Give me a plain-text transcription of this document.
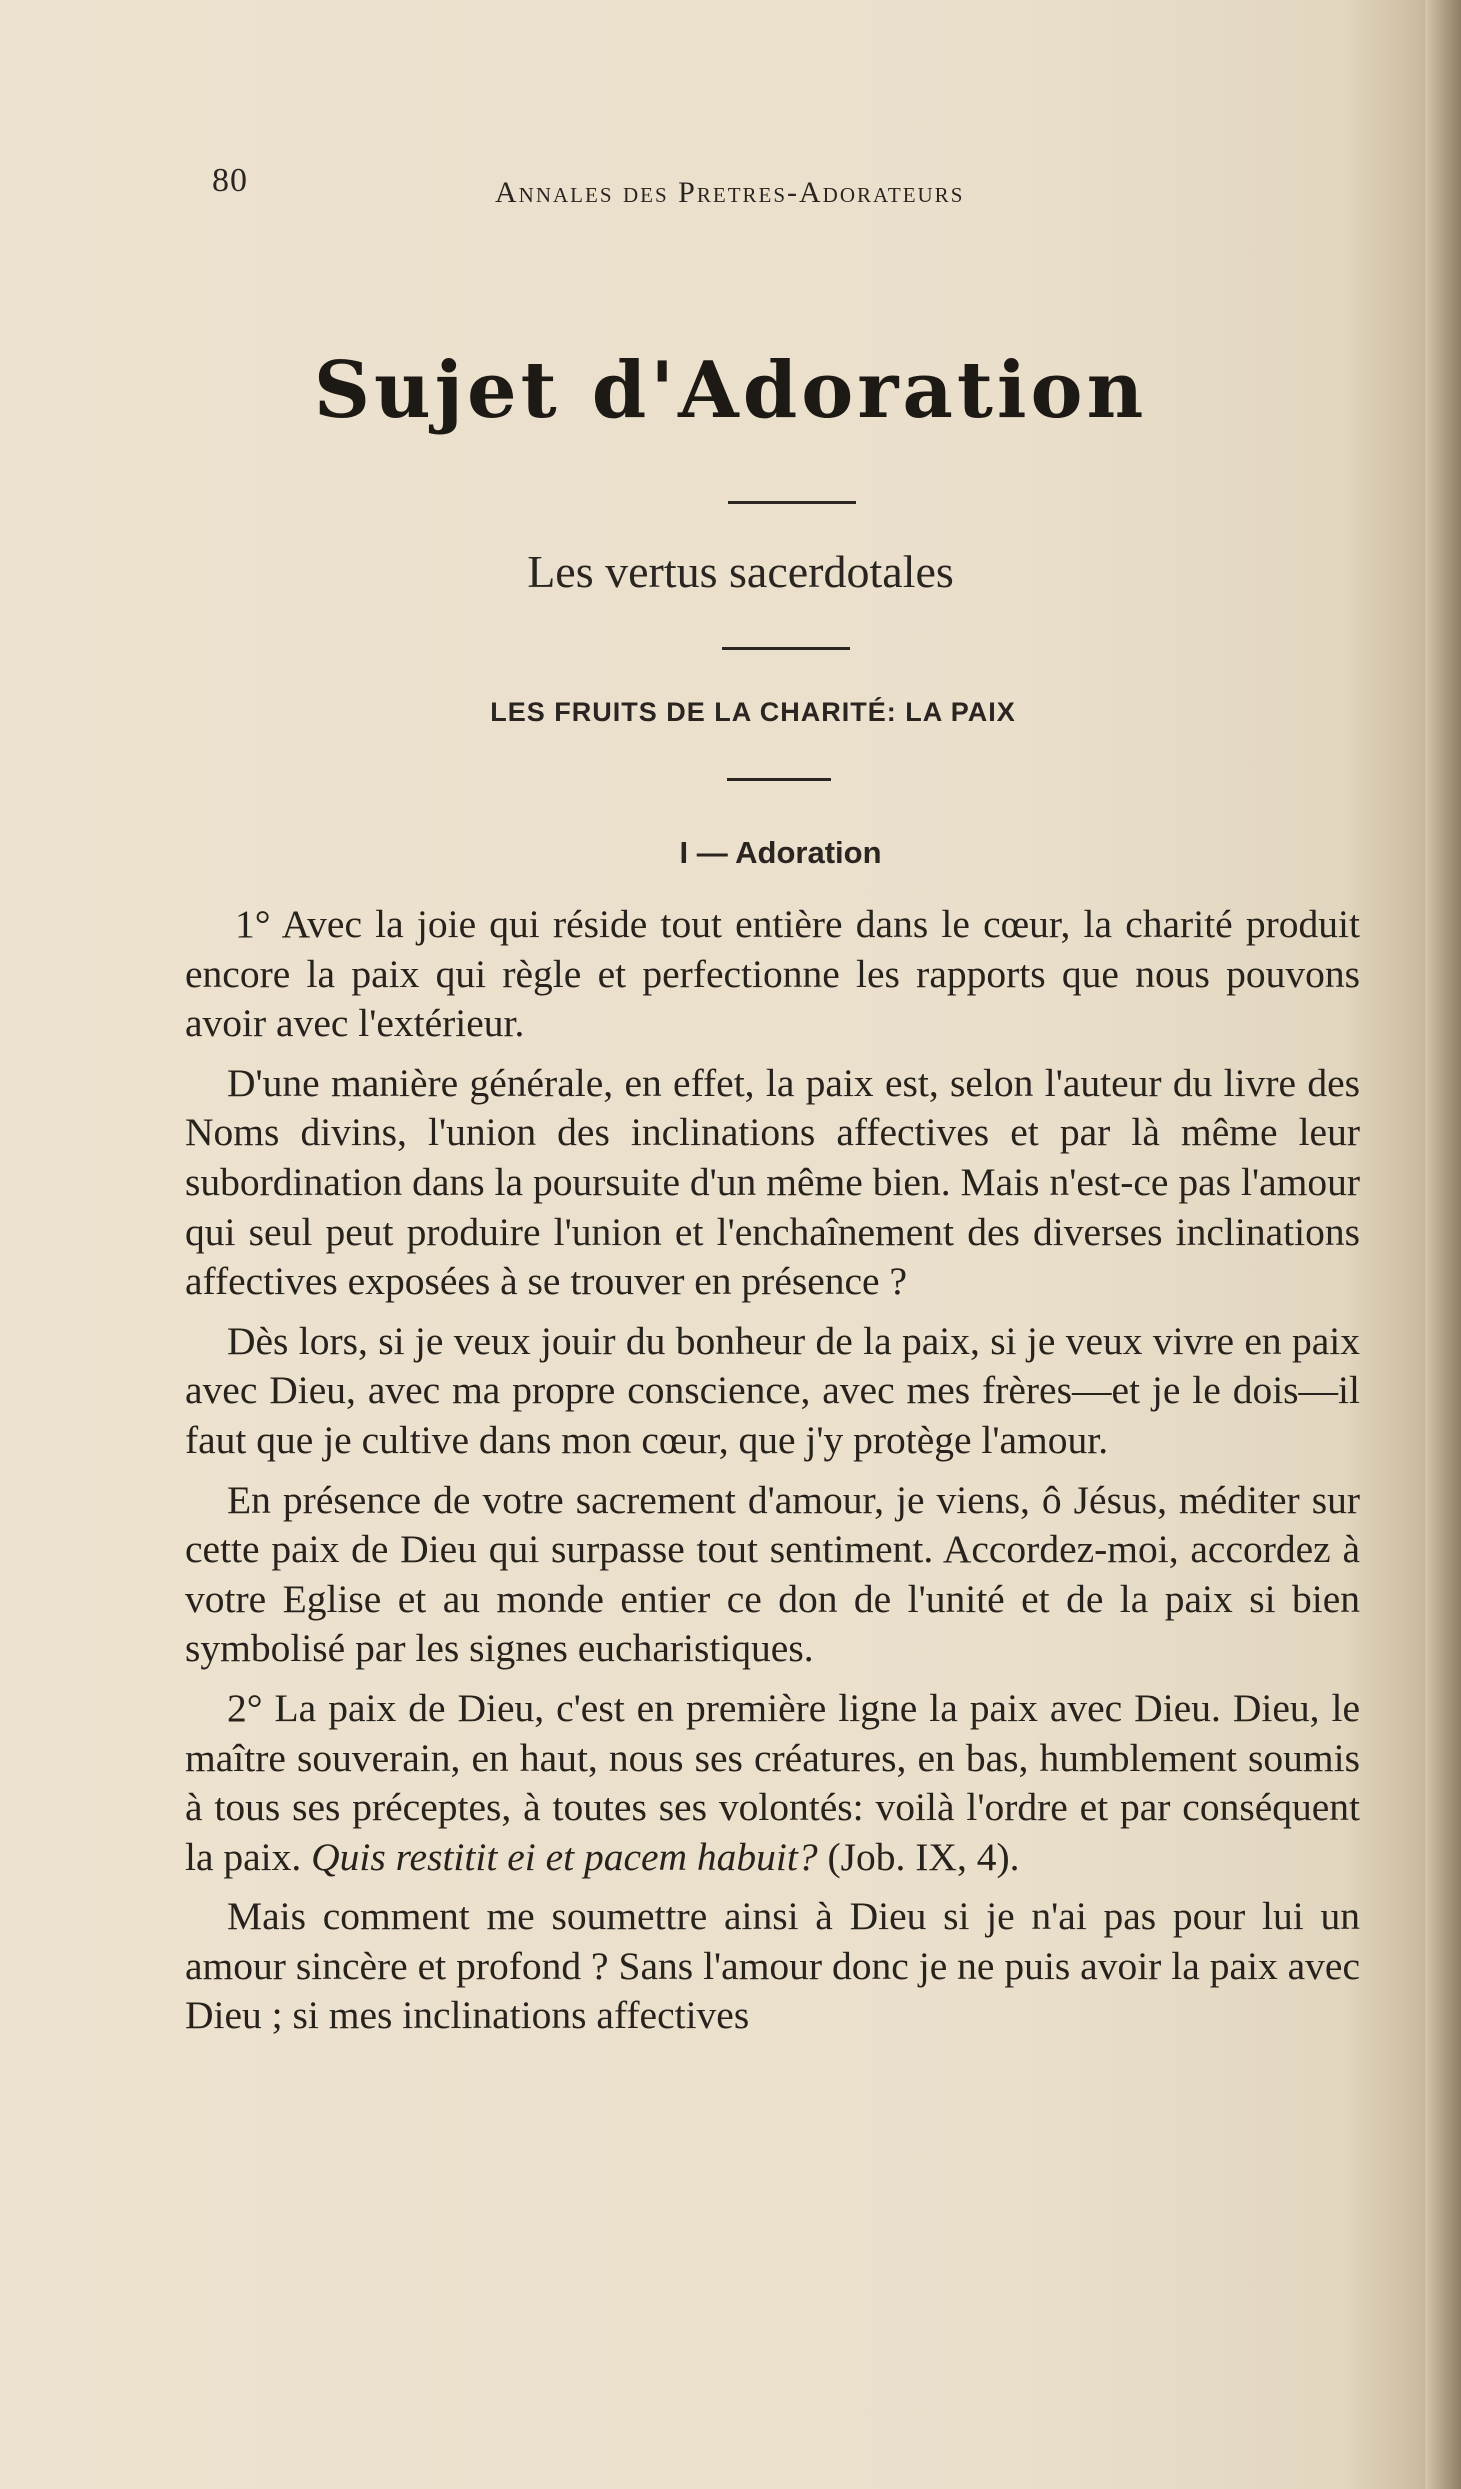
80	Annales des Pretres-Adorateurs
Sujet d'Adoration
Les vertus sacerdotales
LES FRUITS DE LA CHARITÉ: LA PAIX
I — Adoration

1° Avec la joie qui réside tout entière dans le cœur, la charité produit encore la paix qui règle et perfectionne les rapports que nous pouvons avoir avec l'extérieur.

D'une manière générale, en effet, la paix est, selon l'auteur du livre des Noms divins, l'union des inclinations affectives et par là même leur subordination dans la poursuite d'un même bien. Mais n'est-ce pas l'amour qui seul peut produire l'union et l'enchaînement des diverses inclinations affectives exposées à se trouver en présence ?

Dès lors, si je veux jouir du bonheur de la paix, si je veux vivre en paix avec Dieu, avec ma propre conscience, avec mes frères—et je le dois—il faut que je cultive dans mon cœur, que j'y protège l'amour.

En présence de votre sacrement d'amour, je viens, ô Jésus, méditer sur cette paix de Dieu qui surpasse tout sentiment. Accordez-moi, accordez à votre Eglise et au monde entier ce don de l'unité et de la paix si bien symbolisé par les signes eucharistiques.

2° La paix de Dieu, c'est en première ligne la paix avec Dieu. Dieu, le maître souverain, en haut, nous ses créatures, en bas, humblement soumis à tous ses préceptes, à toutes ses volontés: voilà l'ordre et par conséquent la paix. Quis restitit ei et pacem habuit? (Job. IX, 4).

Mais comment me soumettre ainsi à Dieu si je n'ai pas pour lui un amour sincère et profond ? Sans l'amour donc je ne puis avoir la paix avec Dieu ; si mes inclinations affectives
